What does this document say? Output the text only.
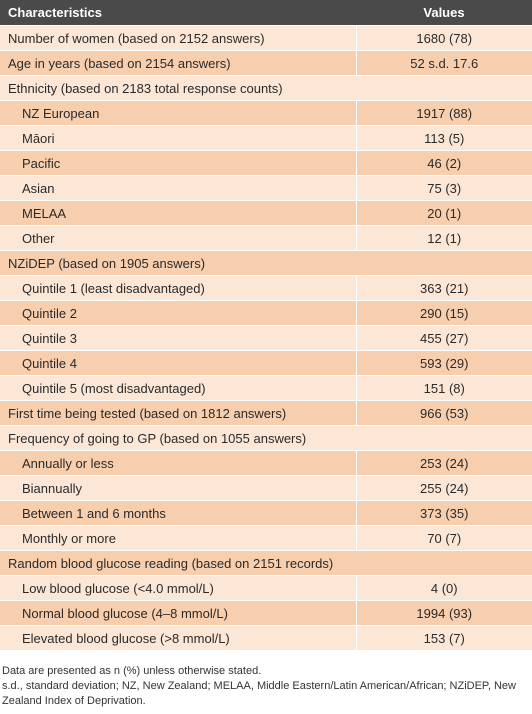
Characteristics	Values
Number of women (based on 2152 answers)	1680 (78)
Age in years (based on 2154 answers)	52 s.d. 17.6
Ethnicity (based on 2183 total response counts)	
NZ European	1917 (88)
Māori	113 (5)
Pacific	46 (2)
Asian	75 (3)
MELAA	20 (1)
Other	12 (1)
NZiDEP (based on 1905 answers)	
Quintile 1 (least disadvantaged)	363 (21)
Quintile 2	290 (15)
Quintile 3	455 (27)
Quintile 4	593 (29)
Quintile 5 (most disadvantaged)	151 (8)
First time being tested (based on 1812 answers)	966 (53)
Frequency of going to GP (based on 1055 answers)	
Annually or less	253 (24)
Biannually	255 (24)
Between 1 and 6 months	373 (35)
Monthly or more	70 (7)
Random blood glucose reading (based on 2151 records)	
Low blood glucose (<4.0 mmol/L)	4 (0)
Normal blood glucose (4–8 mmol/L)	1994 (93)
Elevated blood glucose (>8 mmol/L)	153 (7)

Data are presented as n (%) unless otherwise stated.

s.d., standard deviation; NZ, New Zealand; MELAA, Middle Eastern/Latin American/African; NZiDEP, New Zealand Index of Deprivation.
